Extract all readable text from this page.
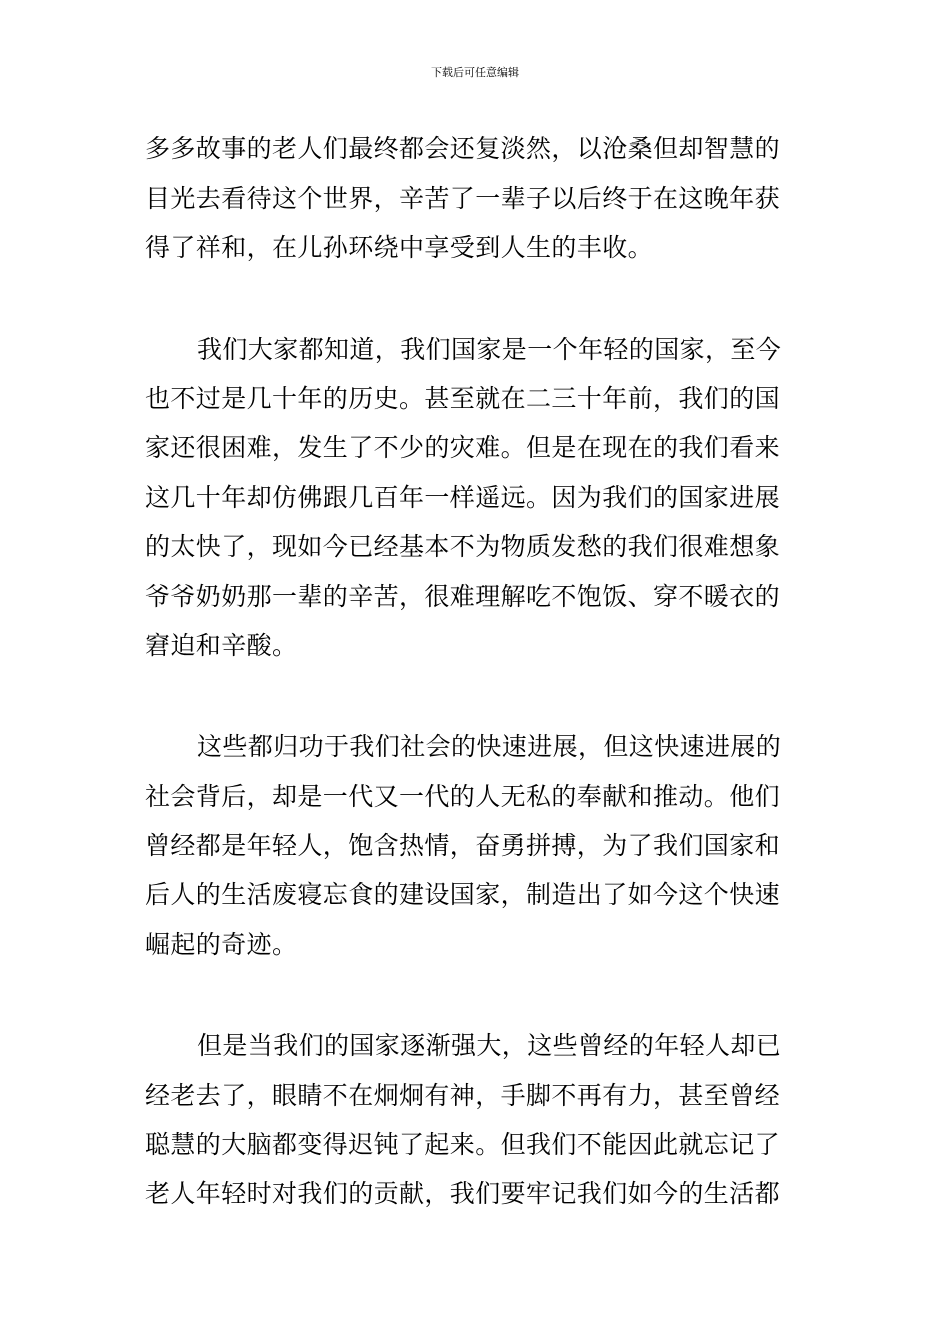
下载后可任意编辑
多多故事的老人们最终都会还复淡然，以沧桑但却智慧的
目光去看待这个世界，辛苦了一辈子以后终于在这晚年获
得了祥和，在儿孙环绕中享受到人生的丰收。
我们大家都知道，我们国家是一个年轻的国家，至今
也不过是几十年的历史。甚至就在二三十年前，我们的国
家还很困难，发生了不少的灾难。但是在现在的我们看来
这几十年却仿佛跟几百年一样遥远。因为我们的国家进展
的太快了，现如今已经基本不为物质发愁的我们很难想象
爷爷奶奶那一辈的辛苦，很难理解吃不饱饭、穿不暖衣的
窘迫和辛酸。
这些都归功于我们社会的快速进展，但这快速进展的
社会背后，却是一代又一代的人无私的奉献和推动。他们
曾经都是年轻人，饱含热情，奋勇拼搏，为了我们国家和
后人的生活废寝忘食的建设国家，制造出了如今这个快速
崛起的奇迹。
但是当我们的国家逐渐强大，这些曾经的年轻人却已
经老去了，眼睛不在炯炯有神，手脚不再有力，甚至曾经
聪慧的大脑都变得迟钝了起来。但我们不能因此就忘记了
老人年轻时对我们的贡献，我们要牢记我们如今的生活都
